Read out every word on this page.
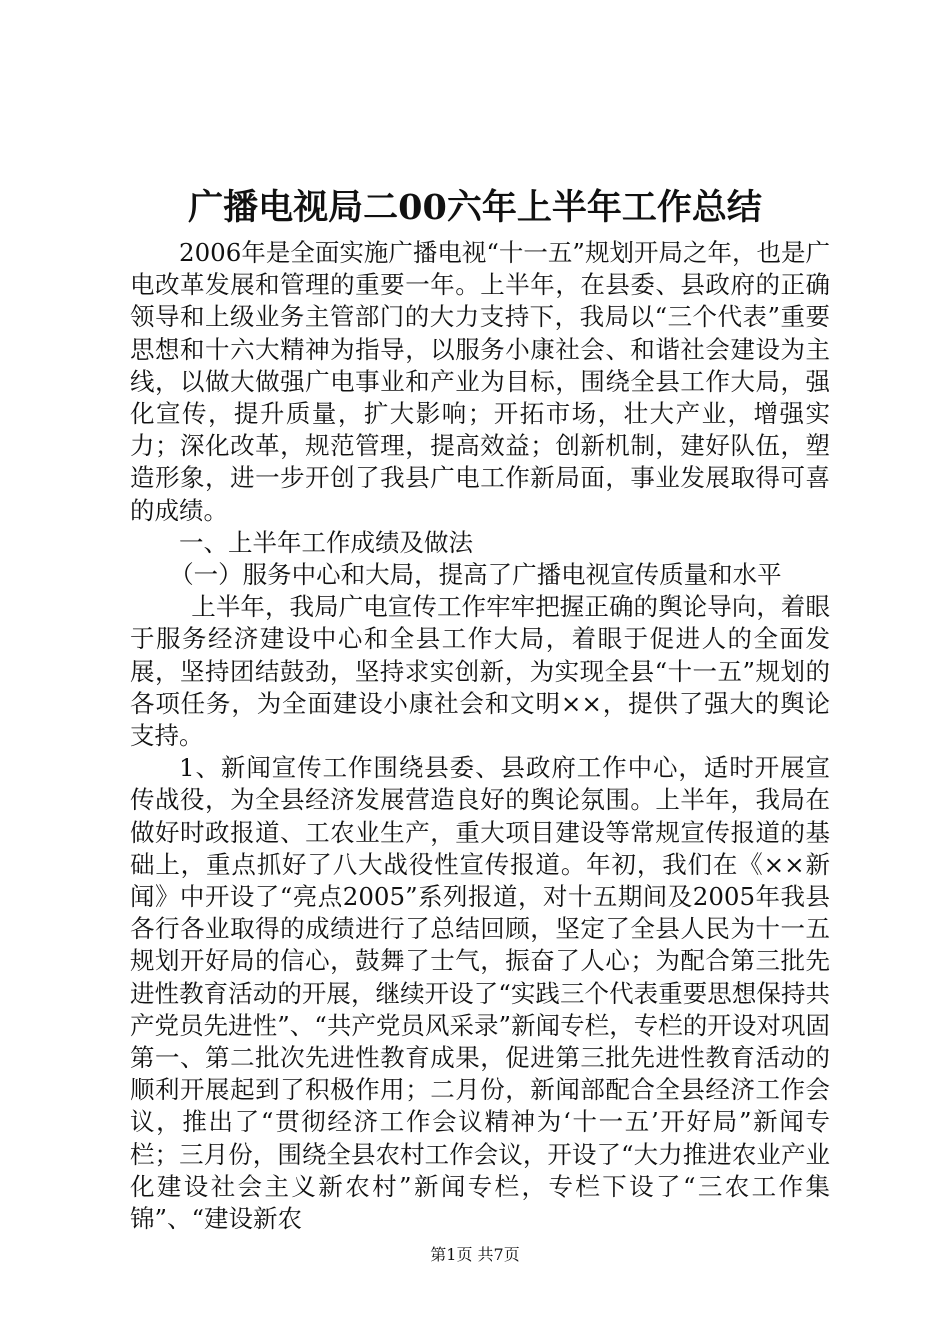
广播电视局二00六年上半年工作总结

2006年是全面实施广播电视“十一五”规划开局之年，也是广电改革发展和管理的重要一年。上半年，在县委、县政府的正确领导和上级业务主管部门的大力支持下，我局以“三个代表”重要思想和十六大精神为指导，以服务小康社会、和谐社会建设为主线，以做大做强广电事业和产业为目标，围绕全县工作大局，强化宣传，提升质量，扩大影响；开拓市场，壮大产业，增强实力；深化改革，规范管理，提高效益；创新机制，建好队伍，塑造形象，进一步开创了我县广电工作新局面，事业发展取得可喜的成绩。

一、上半年工作成绩及做法

（一）服务中心和大局，提高了广播电视宣传质量和水平

上半年，我局广电宣传工作牢牢把握正确的舆论导向，着眼于服务经济建设中心和全县工作大局，着眼于促进人的全面发展，坚持团结鼓劲，坚持求实创新，为实现全县“十一五”规划的各项任务，为全面建设小康社会和文明××，提供了强大的舆论支持。

1、新闻宣传工作围绕县委、县政府工作中心，适时开展宣传战役，为全县经济发展营造良好的舆论氛围。上半年，我局在做好时政报道、工农业生产，重大项目建设等常规宣传报道的基础上，重点抓好了八大战役性宣传报道。年初，我们在《××新闻》中开设了“亮点2005”系列报道，对十五期间及2005年我县各行各业取得的成绩进行了总结回顾，坚定了全县人民为十一五规划开好局的信心，鼓舞了士气，振奋了人心；为配合第三批先进性教育活动的开展，继续开设了“实践三个代表重要思想保持共产党员先进性”、“共产党员风采录”新闻专栏，专栏的开设对巩固第一、第二批次先进性教育成果，促进第三批先进性教育活动的顺利开展起到了积极作用；二月份，新闻部配合全县经济工作会议，推出了“贯彻经济工作会议精神为‘十一五’开好局”新闻专栏；三月份，围绕全县农村工作会议，开设了“大力推进农业产业化建设社会主义新农村”新闻专栏，专栏下设了“三农工作集锦”、“建设新农

第1页 共7页
